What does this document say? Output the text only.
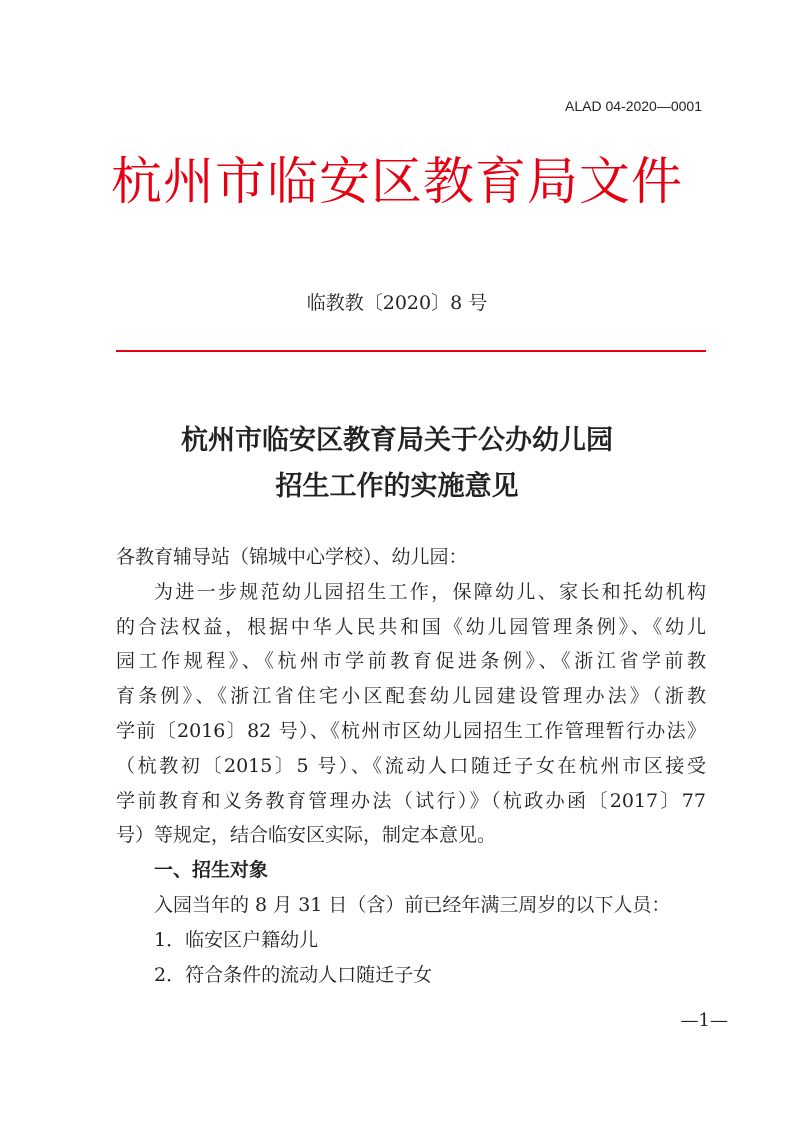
ALAD 04-2020—0001
杭州市临安区教育局文件
临教教〔2020〕8 号
杭州市临安区教育局关于公办幼儿园
招生工作的实施意见

各教育辅导站（锦城中心学校）、幼儿园：

为进一步规范幼儿园招生工作，保障幼儿、家长和托幼机构

的合法权益，根据中华人民共和国《幼儿园管理条例》、《幼儿

园工作规程》、《杭州市学前教育促进条例》、《浙江省学前教

育条例》、《浙江省住宅小区配套幼儿园建设管理办法》（浙教

学前〔2016〕82 号）、《杭州市区幼儿园招生工作管理暂行办法》

（杭教初〔2015〕5 号）、《流动人口随迁子女在杭州市区接受

学前教育和义务教育管理办法（试行）》（杭政办函〔2017〕77

号）等规定，结合临安区实际，制定本意见。

一、招生对象

入园当年的 8 月 31 日（含）前已经年满三周岁的以下人员：

1．临安区户籍幼儿

2．符合条件的流动人口随迁子女

—1—
